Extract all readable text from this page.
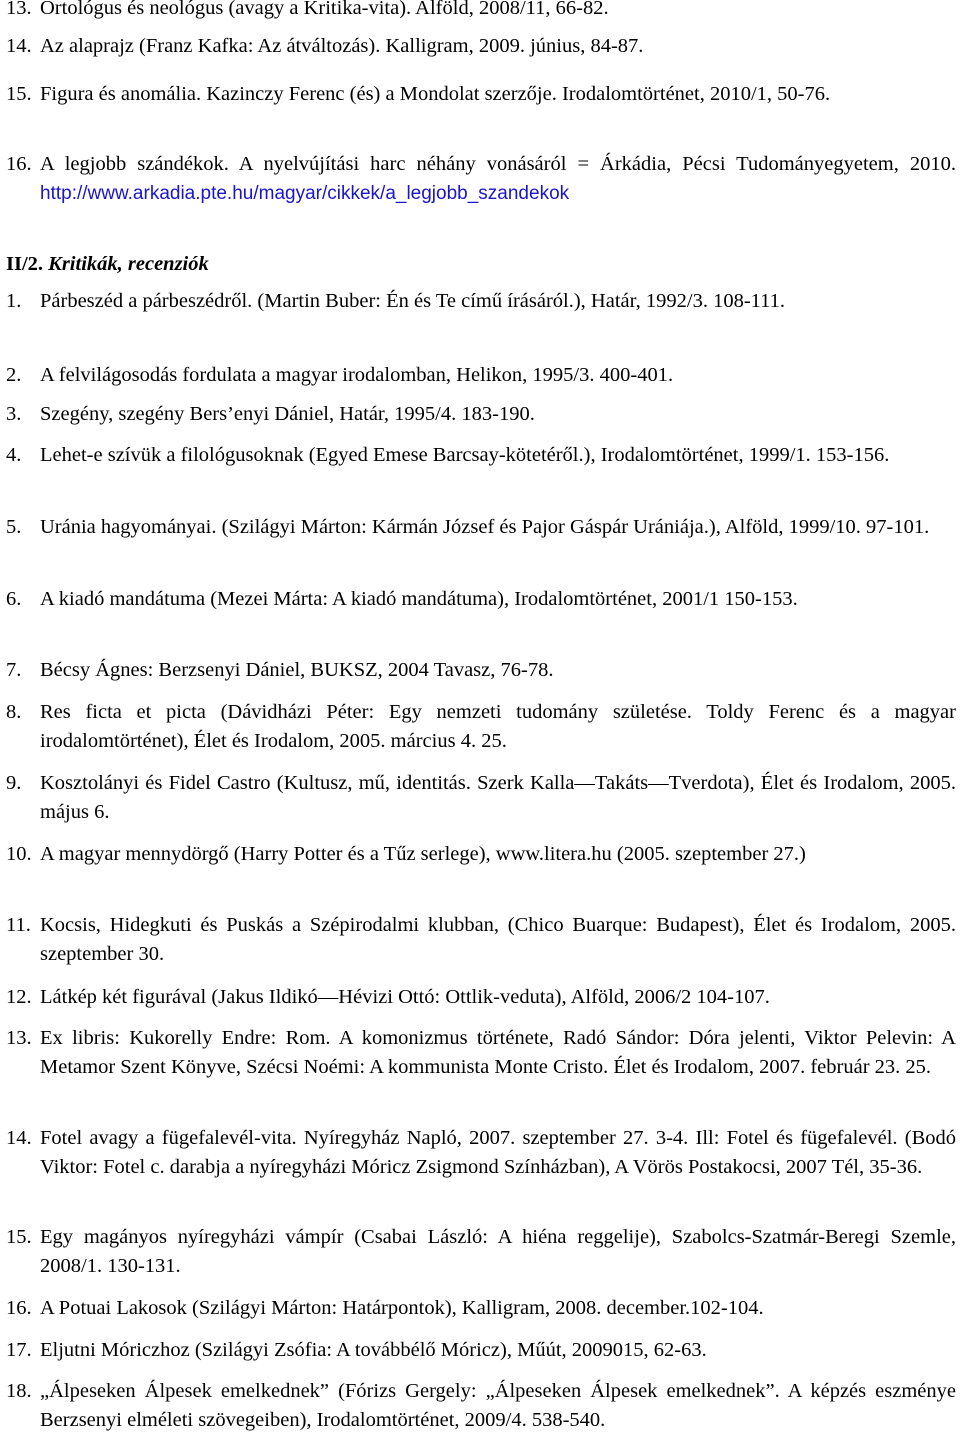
13. Ortológus és neológus (avagy a Kritika-vita). Alföld, 2008/11, 66-82.
14. Az alaprajz (Franz Kafka: Az átváltozás). Kalligram, 2009. június, 84-87.
15. Figura és anomália. Kazinczy Ferenc (és) a Mondolat szerzője. Irodalomtörténet, 2010/1, 50-76.
16. A legjobb szándékok. A nyelvújítási harc néhány vonásáról = Árkádia, Pécsi Tudományegyetem, 2010. http://www.arkadia.pte.hu/magyar/cikkek/a_legjobb_szandekok
II/2. Kritikák, recenziók
1. Párbeszéd a párbeszédről. (Martin Buber: Én és Te című írásáról.), Határ, 1992/3. 108-111.
2. A felvilágosodás fordulata a magyar irodalomban, Helikon, 1995/3. 400-401.
3. Szegény, szegény Bers’enyi Dániel, Határ, 1995/4. 183-190.
4. Lehet-e szívük a filológusoknak (Egyed Emese Barcsay-kötetéről.), Irodalomtörténet, 1999/1. 153-156.
5. Uránia hagyományai. (Szilágyi Márton: Kármán József és Pajor Gáspár Urániája.), Alföld, 1999/10. 97-101.
6. A kiadó mandátuma (Mezei Márta: A kiadó mandátuma), Irodalomtörténet, 2001/1 150-153.
7. Bécsy Ágnes: Berzsenyi Dániel, BUKSZ, 2004 Tavasz, 76-78.
8. Res ficta et picta (Dávidházi Péter: Egy nemzeti tudomány születése. Toldy Ferenc és a magyar irodalomtörténet), Élet és Irodalom, 2005. március 4. 25.
9. Kosztolányi és Fidel Castro (Kultusz, mű, identitás. Szerk Kalla—Takáts—Tverdota), Élet és Irodalom, 2005. május 6.
10. A magyar mennydörgő (Harry Potter és a Tűz serlege), www.litera.hu (2005. szeptember 27.)
11. Kocsis, Hidegkuti és Puskás a Szépirodalmi klubban, (Chico Buarque: Budapest), Élet és Irodalom, 2005. szeptember 30.
12. Látkép két figurával (Jakus Ildikó—Hévizi Ottó: Ottlik-veduta), Alföld, 2006/2 104-107.
13. Ex libris: Kukorelly Endre: Rom. A komonizmus története, Radó Sándor: Dóra jelenti, Viktor Pelevin: A Metamor Szent Könyve, Szécsi Noémi: A kommunista Monte Cristo. Élet és Irodalom, 2007. február 23. 25.
14. Fotel avagy a fügefalevél-vita. Nyíregyház Napló, 2007. szeptember 27. 3-4. Ill: Fotel és fügefalevél. (Bodó Viktor: Fotel c. darabja a nyíregyházi Móricz Zsigmond Színházban), A Vörös Postakocsi, 2007 Tél, 35-36.
15. Egy magányos nyíregyházi vámpír (Csabai László: A hiéna reggelije), Szabolcs-Szatmár-Beregi Szemle, 2008/1. 130-131.
16. A Potuai Lakosok (Szilágyi Márton: Határpontok), Kalligram, 2008. december.102-104.
17. Eljutni Móriczhoz (Szilágyi Zsófia: A továbbélő Móricz), Műút, 2009015, 62-63.
18. „Álpeseken Álpesek emelkednek” (Fórizs Gergely: „Álpeseken Álpesek emelkednek”. A képzés eszménye Berzsenyi elméleti szövegeiben), Irodalomtörténet, 2009/4. 538-540.
